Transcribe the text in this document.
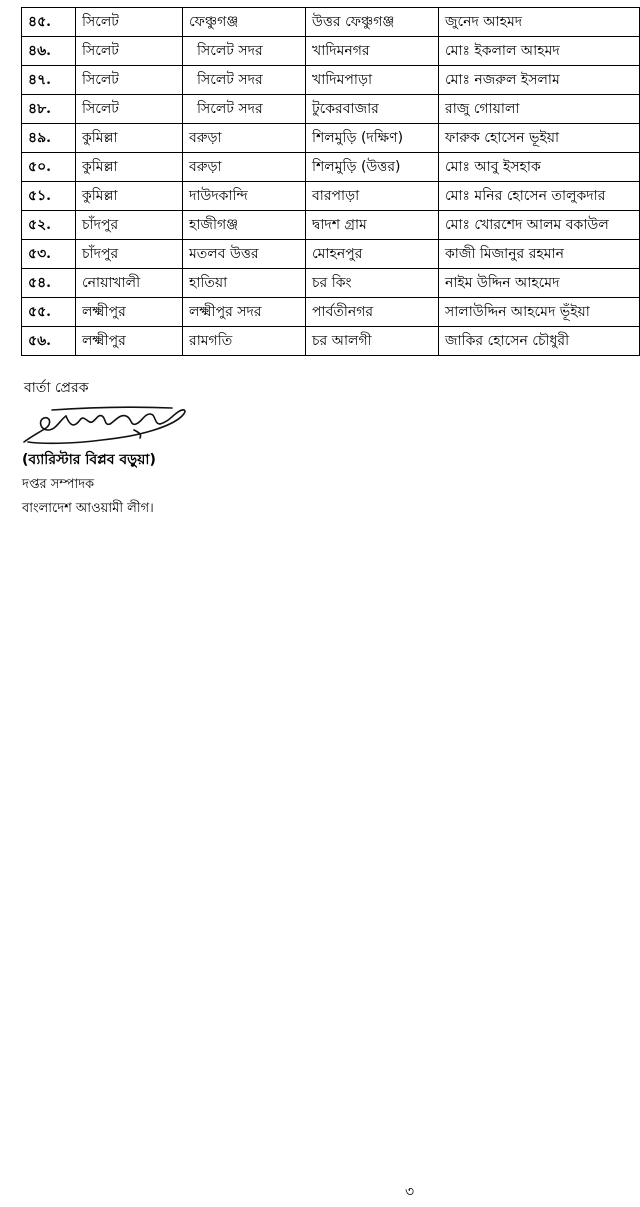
৪৫.	সিলেট	ফেঞ্চুগঞ্জ	উত্তর ফেঞ্চুগঞ্জ	জুনেদ আহমদ
৪৬.	সিলেট	সিলেট সদর	খাদিমনগর	মোঃ ইকলাল আহমদ
৪৭.	সিলেট	সিলেট সদর	খাদিমপাড়া	মোঃ নজরুল ইসলাম
৪৮.	সিলেট	সিলেট সদর	টুকেরবাজার	রাজু গোয়ালা
৪৯.	কুমিল্লা	বরুড়া	শিলমুড়ি (দক্ষিণ)	ফারুক হোসেন ভূইয়া
৫০.	কুমিল্লা	বরুড়া	শিলমুড়ি (উত্তর)	মোঃ আবু ইসহাক
৫১.	কুমিল্লা	দাউদকান্দি	বারপাড়া	মোঃ মনির হোসেন তালুকদার
৫২.	চাঁদপুর	হাজীগঞ্জ	দ্বাদশ গ্রাম	মোঃ খোরশেদ আলম বকাউল
৫৩.	চাঁদপুর	মতলব উত্তর	মোহনপুর	কাজী মিজানুর রহমান
৫৪.	নোয়াখালী	হাতিয়া	চর কিং	নাইম উদ্দিন আহমেদ
৫৫.	লক্ষ্মীপুর	লক্ষ্মীপুর সদর	পার্বতীনগর	সালাউদ্দিন আহমেদ ভূঁইয়া
৫৬.	লক্ষ্মীপুর	রামগতি	চর আলগী	জাকির হোসেন চৌধুরী
বার্তা প্রেরক
(ব্যারিস্টার বিপ্লব বড়ুয়া)
দপ্তর সম্পাদক
বাংলাদেশ আওয়ামী লীগ।
৩
